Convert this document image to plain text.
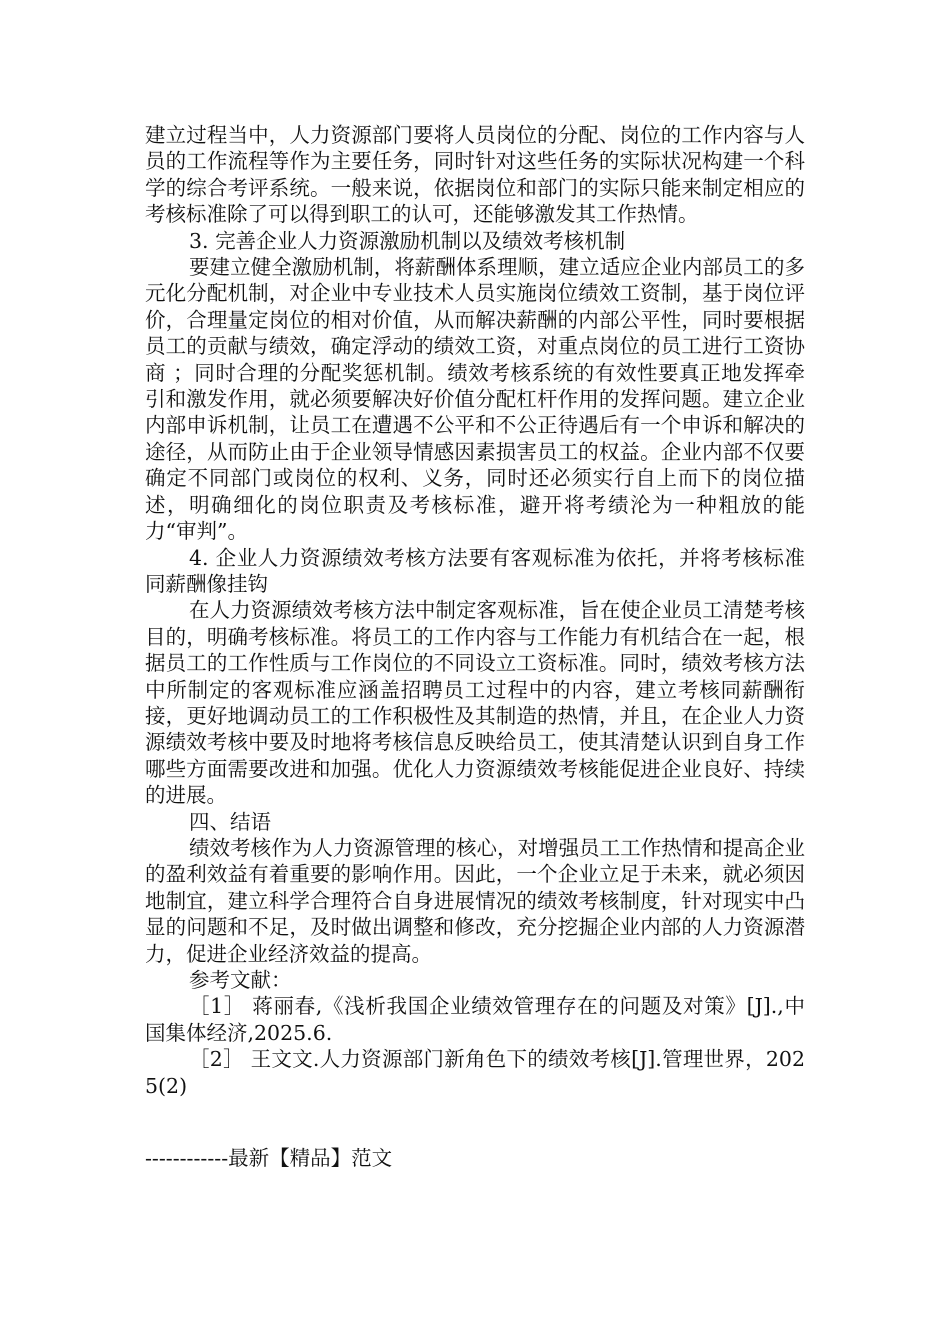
建立过程当中，人力资源部门要将人员岗位的分配、岗位的工作内容与人员的工作流程等作为主要任务，同时针对这些任务的实际状况构建一个科学的综合考评系统。一般来说，依据岗位和部门的实际只能来制定相应的考核标准除了可以得到职工的认可，还能够激发其工作热情。

3. 完善企业人力资源激励机制以及绩效考核机制

要建立健全激励机制，将薪酬体系理顺，建立适应企业内部员工的多元化分配机制，对企业中专业技术人员实施岗位绩效工资制，基于岗位评价，合理量定岗位的相对价值，从而解决薪酬的内部公平性，同时要根据员工的贡献与绩效，确定浮动的绩效工资，对重点岗位的员工进行工资协商 ；同时合理的分配奖惩机制。绩效考核系统的有效性要真正地发挥牵引和激发作用，就必须要解决好价值分配杠杆作用的发挥问题。建立企业内部申诉机制，让员工在遭遇不公平和不公正待遇后有一个申诉和解决的途径，从而防止由于企业领导情感因素损害员工的权益。企业内部不仅要确定不同部门或岗位的权利、义务，同时还必须实行自上而下的岗位描述，明确细化的岗位职责及考核标准，避开将考绩沦为一种粗放的能力“审判”。

4. 企业人力资源绩效考核方法要有客观标准为依托，并将考核标准同薪酬像挂钩

在人力资源绩效考核方法中制定客观标准，旨在使企业员工清楚考核目的，明确考核标准。将员工的工作内容与工作能力有机结合在一起，根据员工的工作性质与工作岗位的不同设立工资标准。同时，绩效考核方法中所制定的客观标准应涵盖招聘员工过程中的内容，建立考核同薪酬衔接，更好地调动员工的工作积极性及其制造的热情，并且，在企业人力资源绩效考核中要及时地将考核信息反映给员工，使其清楚认识到自身工作哪些方面需要改进和加强。优化人力资源绩效考核能促进企业良好、持续的进展。

四、结语

绩效考核作为人力资源管理的核心，对增强员工工作热情和提高企业的盈利效益有着重要的影响作用。因此，一个企业立足于未来，就必须因地制宜，建立科学合理符合自身进展情况的绩效考核制度，针对现实中凸显的问题和不足，及时做出调整和修改，充分挖掘企业内部的人力资源潜力，促进企业经济效益的提高。

参考文献：

［1］ 蒋丽春,《浅析我国企业绩效管理存在的问题及对策》[J].,中国集体经济,2025.6.

［2］ 王文文.人力资源部门新角色下的绩效考核[J].管理世界，2025(2)

------------最新【精品】范文
